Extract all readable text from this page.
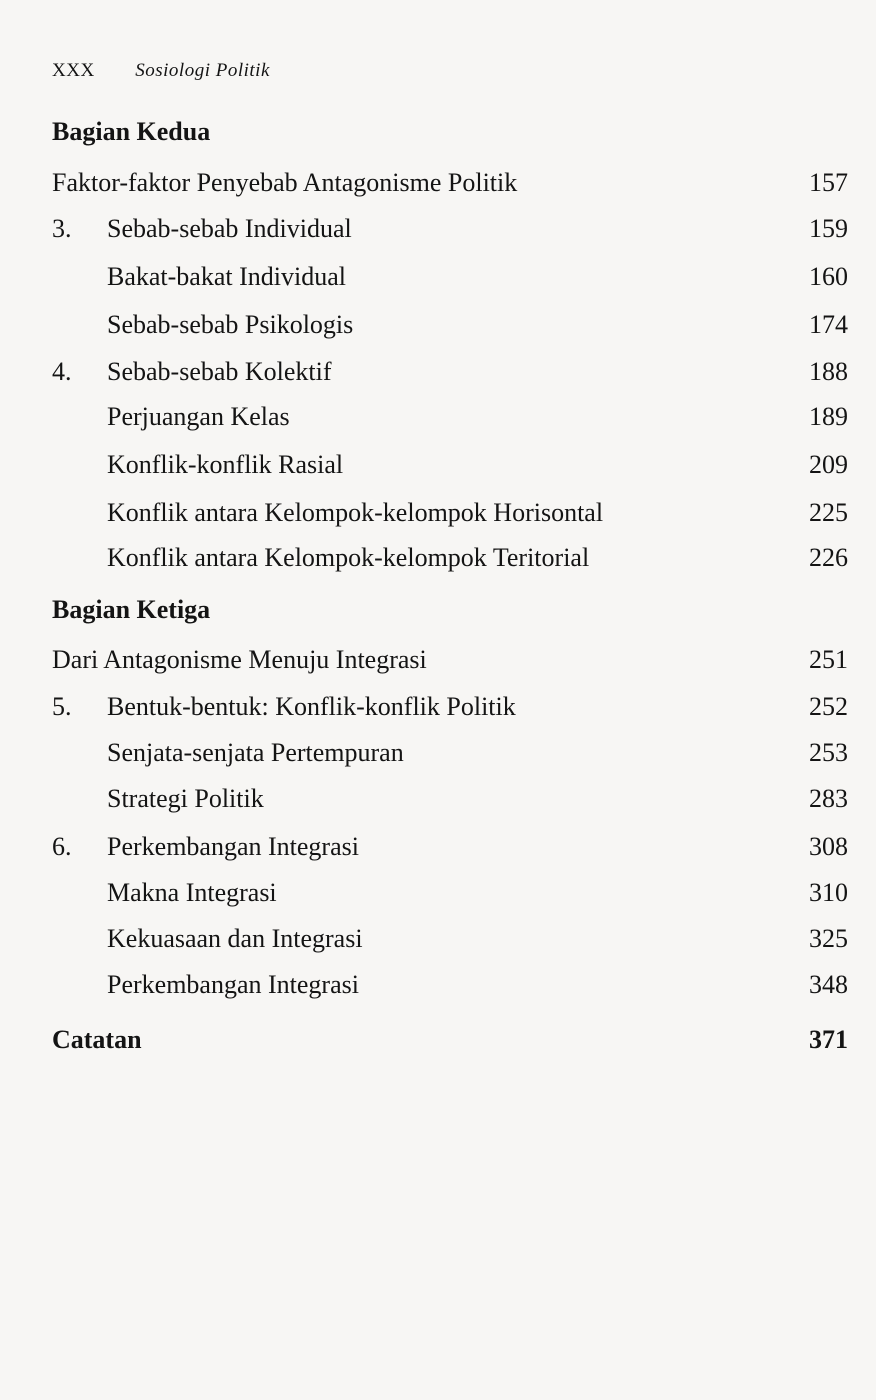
XXX Sosiologi Politik
Bagian Kedua
Faktor-faktor Penyebab Antagonisme Politik	157
3. Sebab-sebab Individual	159
Bakat-bakat Individual	160
Sebab-sebab Psikologis	174
4. Sebab-sebab Kolektif	188
Perjuangan Kelas	189
Konflik-konflik Rasial	209
Konflik antara Kelompok-kelompok Horisontal	225
Konflik antara Kelompok-kelompok Teritorial	226
Bagian Ketiga
Dari Antagonisme Menuju Integrasi	251
5. Bentuk-bentuk: Konflik-konflik Politik	252
Senjata-senjata Pertempuran	253
Strategi Politik	283
6. Perkembangan Integrasi	308
Makna Integrasi	310
Kekuasaan dan Integrasi	325
Perkembangan Integrasi	348
Catatan	371
